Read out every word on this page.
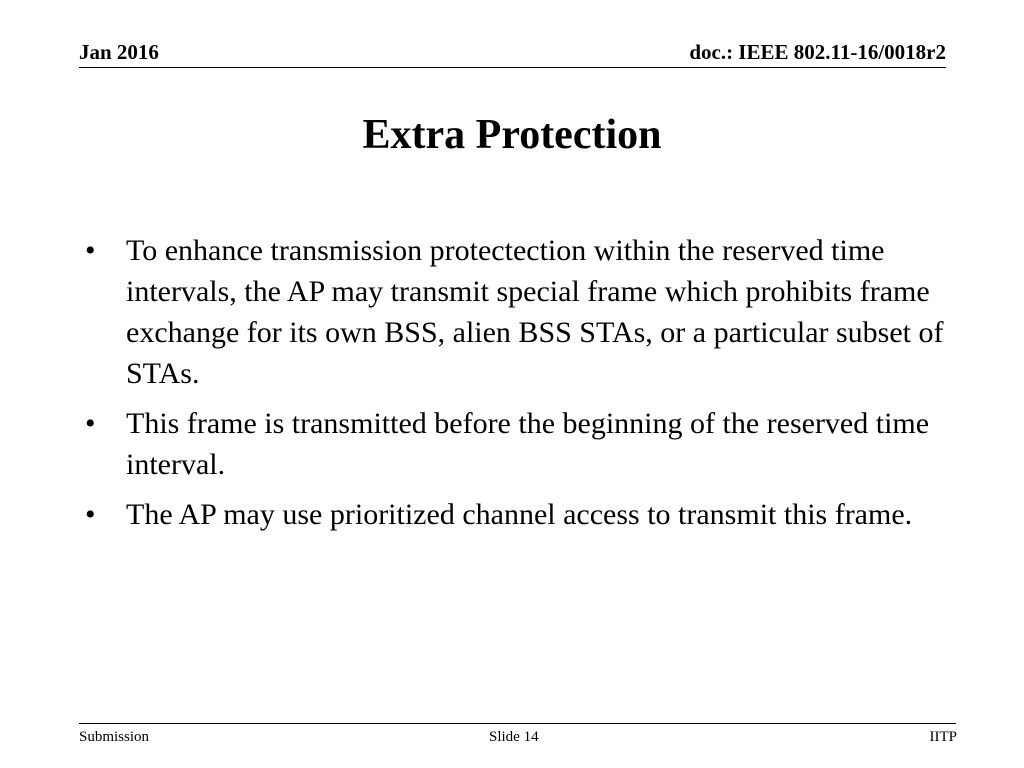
Jan 2016	doc.: IEEE 802.11-16/0018r2
Extra Protection
• To enhance transmission protectection within the reserved time intervals, the AP may transmit special frame which prohibits frame exchange for its own BSS, alien BSS STAs, or a particular subset of STAs.
• This frame is transmitted before the beginning of the reserved time interval.
• The AP may use prioritized channel access to transmit this frame.
Submission	Slide 14	IITP
